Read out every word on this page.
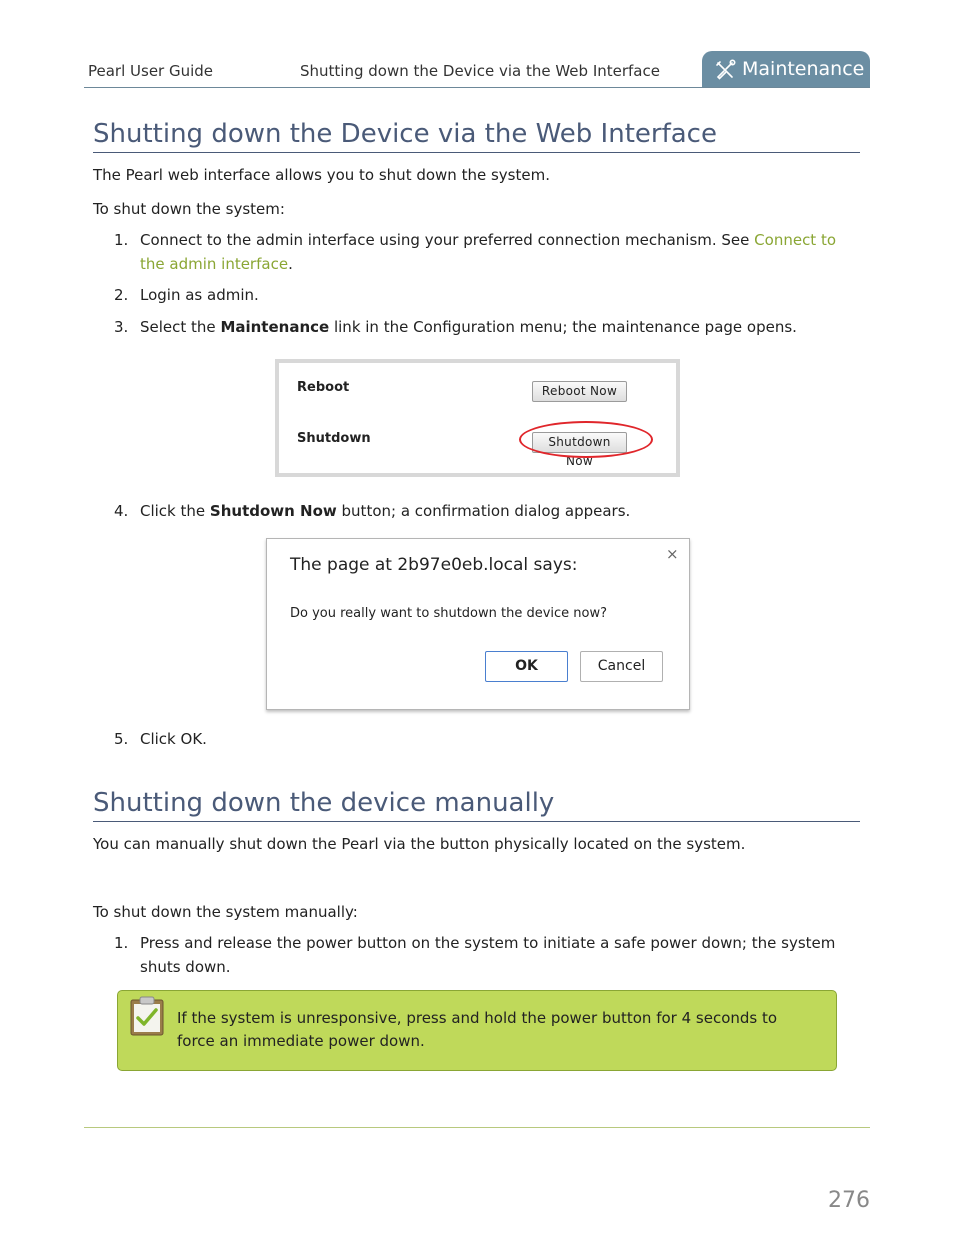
Pearl User Guide	Shutting down the Device via the Web Interface	Maintenance
Shutting down the Device via the Web Interface
The Pearl web interface allows you to shut down the system.
To shut down the system:
1. Connect to the admin interface using your preferred connection mechanism. See Connect to the admin interface.
2. Login as admin.
3. Select the Maintenance link in the Configuration menu; the maintenance page opens.
Reboot	Reboot Now
Shutdown	Shutdown Now
4. Click the Shutdown Now button; a confirmation dialog appears.
The page at 2b97e0eb.local says:
×
Do you really want to shutdown the device now?
OK	Cancel
5. Click OK.
Shutting down the device manually
You can manually shut down the Pearl via the button physically located on the system.
To shut down the system manually:
1. Press and release the power button on the system to initiate a safe power down; the system shuts down.
If the system is unresponsive, press and hold the power button for 4 seconds to force an immediate power down.
276
